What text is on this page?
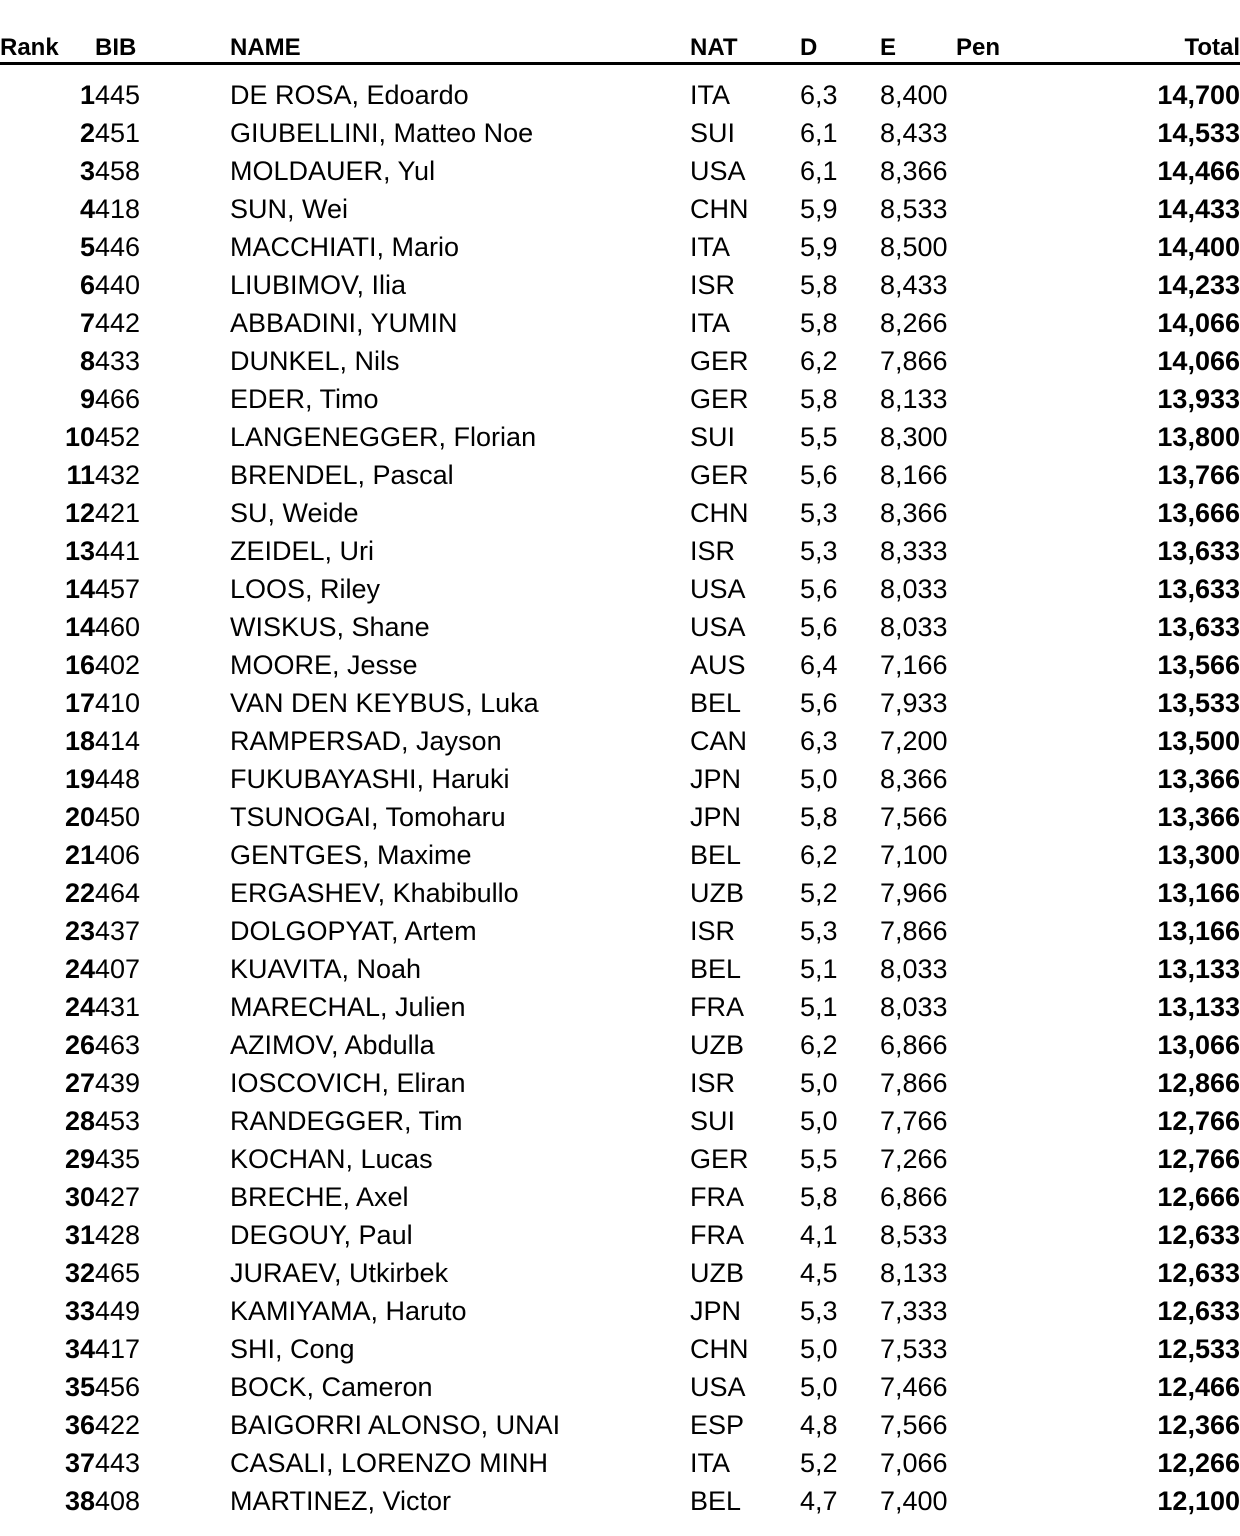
Rank	BIB	NAME	NAT	D	E	Pen	Total

1	445	DE ROSA, Edoardo	ITA	6,3	8,400		14,700
2	451	GIUBELLINI, Matteo Noe	SUI	6,1	8,433		14,533
3	458	MOLDAUER, Yul	USA	6,1	8,366		14,466
4	418	SUN, Wei	CHN	5,9	8,533		14,433
5	446	MACCHIATI, Mario	ITA	5,9	8,500		14,400
6	440	LIUBIMOV, Ilia	ISR	5,8	8,433		14,233
7	442	ABBADINI, YUMIN	ITA	5,8	8,266		14,066
8	433	DUNKEL, Nils	GER	6,2	7,866		14,066
9	466	EDER, Timo	GER	5,8	8,133		13,933
10	452	LANGENEGGER, Florian	SUI	5,5	8,300		13,800
11	432	BRENDEL, Pascal	GER	5,6	8,166		13,766
12	421	SU, Weide	CHN	5,3	8,366		13,666
13	441	ZEIDEL, Uri	ISR	5,3	8,333		13,633
14	457	LOOS, Riley	USA	5,6	8,033		13,633
14	460	WISKUS, Shane	USA	5,6	8,033		13,633
16	402	MOORE, Jesse	AUS	6,4	7,166		13,566
17	410	VAN DEN KEYBUS, Luka	BEL	5,6	7,933		13,533
18	414	RAMPERSAD, Jayson	CAN	6,3	7,200		13,500
19	448	FUKUBAYASHI, Haruki	JPN	5,0	8,366		13,366
20	450	TSUNOGAI, Tomoharu	JPN	5,8	7,566		13,366
21	406	GENTGES, Maxime	BEL	6,2	7,100		13,300
22	464	ERGASHEV, Khabibullo	UZB	5,2	7,966		13,166
23	437	DOLGOPYAT, Artem	ISR	5,3	7,866		13,166
24	407	KUAVITA, Noah	BEL	5,1	8,033		13,133
24	431	MARECHAL, Julien	FRA	5,1	8,033		13,133
26	463	AZIMOV, Abdulla	UZB	6,2	6,866		13,066
27	439	IOSCOVICH, Eliran	ISR	5,0	7,866		12,866
28	453	RANDEGGER, Tim	SUI	5,0	7,766		12,766
29	435	KOCHAN, Lucas	GER	5,5	7,266		12,766
30	427	BRECHE, Axel	FRA	5,8	6,866		12,666
31	428	DEGOUY, Paul	FRA	4,1	8,533		12,633
32	465	JURAEV, Utkirbek	UZB	4,5	8,133		12,633
33	449	KAMIYAMA, Haruto	JPN	5,3	7,333		12,633
34	417	SHI, Cong	CHN	5,0	7,533		12,533
35	456	BOCK, Cameron	USA	5,0	7,466		12,466
36	422	BAIGORRI ALONSO, UNAI	ESP	4,8	7,566		12,366
37	443	CASALI, LORENZO MINH	ITA	5,2	7,066		12,266
38	408	MARTINEZ, Victor	BEL	4,7	7,400		12,100
